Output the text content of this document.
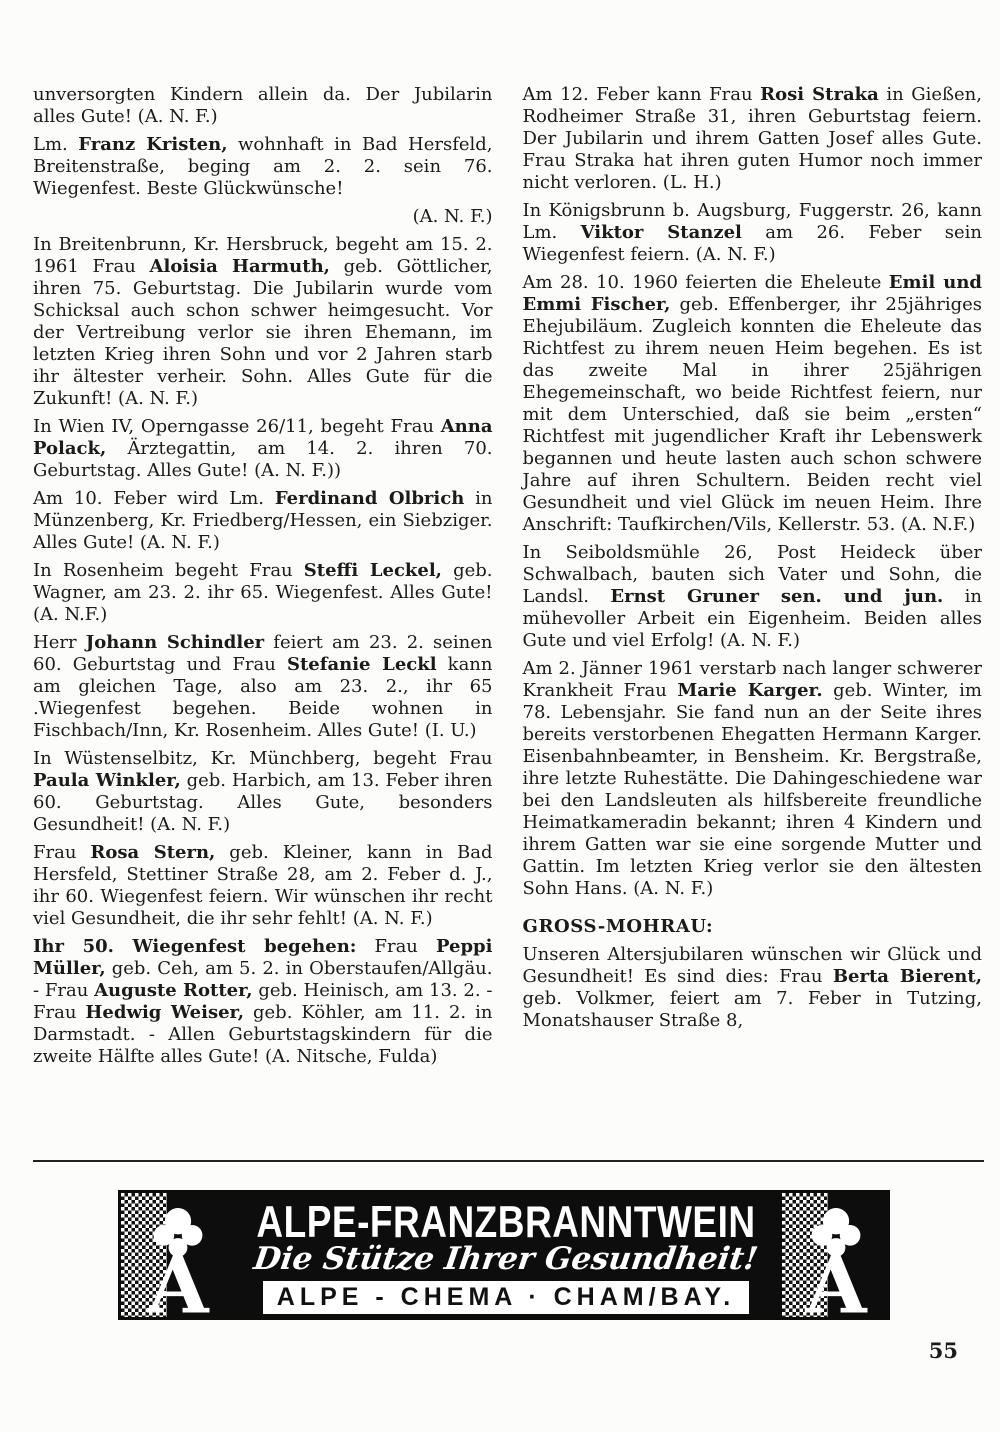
unversorgten Kindern allein da. Der Jubilarin alles Gute! (A. N. F.)

Lm. Franz Kristen, wohnhaft in Bad Hersfeld, Breitenstraße, beging am 2. 2. sein 76. Wiegenfest. Beste Glückwünsche!

(A. N. F.)

In Breitenbrunn, Kr. Hersbruck, begeht am 15. 2. 1961 Frau Aloisia Harmuth, geb. Göttlicher, ihren 75. Geburtstag. Die Jubilarin wurde vom Schicksal auch schon schwer heimgesucht. Vor der Vertreibung verlor sie ihren Ehemann, im letzten Krieg ihren Sohn und vor 2 Jahren starb ihr ältester verheir. Sohn. Alles Gute für die Zukunft! (A. N. F.)

In Wien IV, Operngasse 26/11, begeht Frau Anna Polack, Ärztegattin, am 14. 2. ihren 70. Geburtstag. Alles Gute! (A. N. F.))

Am 10. Feber wird Lm. Ferdinand Olbrich in Münzenberg, Kr. Friedberg/Hessen, ein Siebziger. Alles Gute! (A. N. F.)

In Rosenheim begeht Frau Steffi Leckel, geb. Wagner, am 23. 2. ihr 65. Wiegenfest. Alles Gute! (A. N.F.)

Herr Johann Schindler feiert am 23. 2. seinen 60. Geburtstag und Frau Stefanie Leckl kann am gleichen Tage, also am 23. 2., ihr 65 .Wiegenfest begehen. Beide wohnen in Fischbach/Inn, Kr. Rosenheim. Alles Gute! (I. U.)

In Wüstenselbitz, Kr. Münchberg, begeht Frau Paula Winkler, geb. Harbich, am 13. Feber ihren 60. Geburtstag. Alles Gute, besonders Gesundheit! (A. N. F.)

Frau Rosa Stern, geb. Kleiner, kann in Bad Hersfeld, Stettiner Straße 28, am 2. Feber d. J., ihr 60. Wiegenfest feiern. Wir wünschen ihr recht viel Gesundheit, die ihr sehr fehlt! (A. N. F.)

Ihr 50. Wiegenfest begehen: Frau Peppi Müller, geb. Ceh, am 5. 2. in Oberstaufen/Allgäu. - Frau Auguste Rotter, geb. Heinisch, am 13. 2. - Frau Hedwig Weiser, geb. Köhler, am 11. 2. in Darmstadt. - Allen Geburtstagskindern für die zweite Hälfte alles Gute! (A. Nitsche, Fulda)

Am 12. Feber kann Frau Rosi Straka in Gießen, Rodheimer Straße 31, ihren Geburtstag feiern. Der Jubilarin und ihrem Gatten Josef alles Gute. Frau Straka hat ihren guten Humor noch immer nicht verloren. (L. H.)

In Königsbrunn b. Augsburg, Fuggerstr. 26, kann Lm. Viktor Stanzel am 26. Feber sein Wiegenfest feiern. (A. N. F.)

Am 28. 10. 1960 feierten die Eheleute Emil und Emmi Fischer, geb. Effenberger, ihr 25jähriges Ehejubiläum. Zugleich konnten die Eheleute das Richtfest zu ihrem neuen Heim begehen. Es ist das zweite Mal in ihrer 25jährigen Ehegemeinschaft, wo beide Richtfest feiern, nur mit dem Unterschied, daß sie beim „ersten“ Richtfest mit jugendlicher Kraft ihr Lebenswerk begannen und heute lasten auch schon schwere Jahre auf ihren Schultern. Beiden recht viel Gesundheit und viel Glück im neuen Heim. Ihre Anschrift: Taufkirchen/Vils, Kellerstr. 53. (A. N.F.)

In Seiboldsmühle 26, Post Heideck über Schwalbach, bauten sich Vater und Sohn, die Landsl. Ernst Gruner sen. und jun. in mühevoller Arbeit ein Eigenheim. Beiden alles Gute und viel Erfolg! (A. N. F.)

Am 2. Jänner 1961 verstarb nach langer schwerer Krankheit Frau Marie Karger. geb. Winter, im 78. Lebensjahr. Sie fand nun an der Seite ihres bereits verstorbenen Ehegatten Hermann Karger. Eisenbahnbeamter, in Bensheim. Kr. Bergstraße, ihre letzte Ruhestätte. Die Dahingeschiedene war bei den Landsleuten als hilfsbereite freundliche Heimatkameradin bekannt; ihren 4 Kindern und ihrem Gatten war sie eine sorgende Mutter und Gattin. Im letzten Krieg verlor sie den ältesten Sohn Hans. (A. N. F.)

GROSS-MOHRAU:

Unseren Altersjubilaren wünschen wir Glück und Gesundheit! Es sind dies: Frau Berta Bierent, geb. Volkmer, feiert am 7. Feber in Tutzing, Monatshauser Straße 8,

A	A
ALPE-FRANZBRANNTWEIN
Die Stütze Ihrer Gesundheit!
ALPE - CHEMA · CHAM/BAY.
55
